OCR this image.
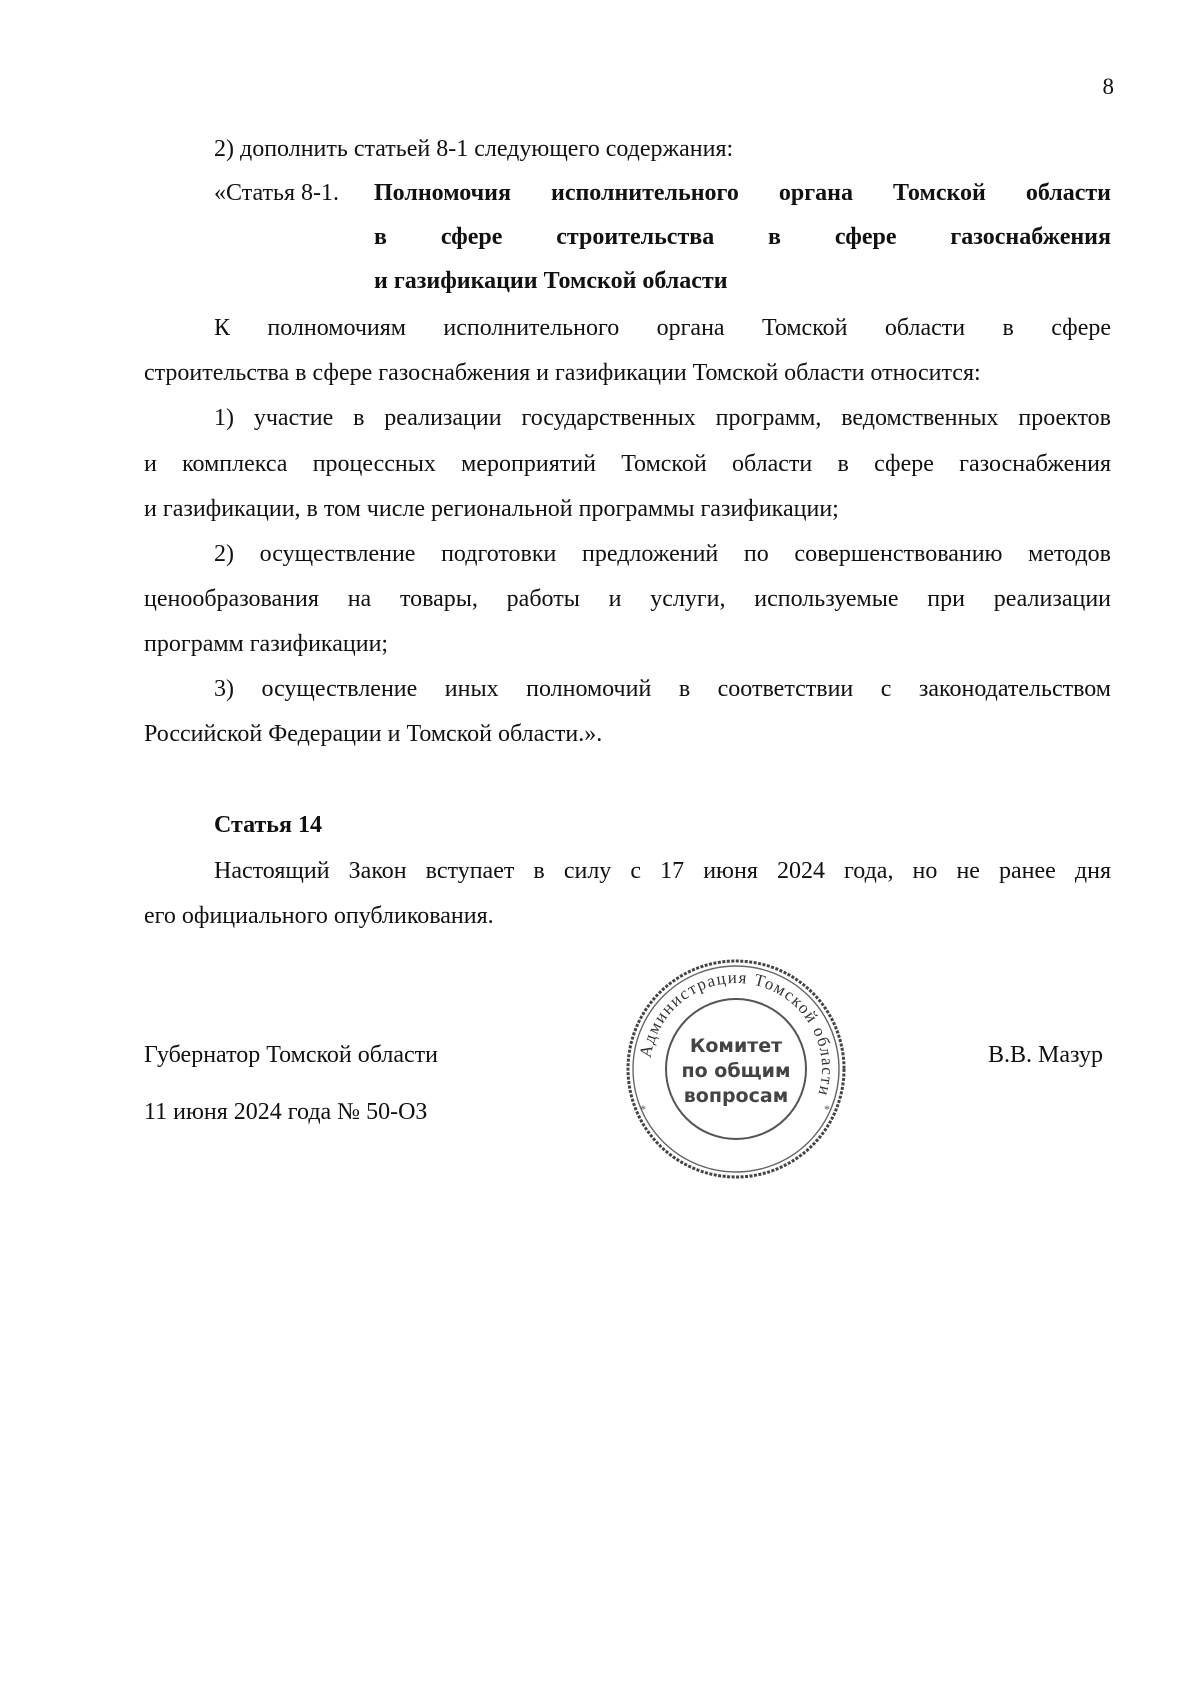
8
2) дополнить статьей 8-1 следующего содержания:
«Статья 8-1. Полномочия исполнительного органа Томской области
в сфере строительства в сфере газоснабжения
и газификации Томской области
К полномочиям исполнительного органа Томской области в сфере
строительства в сфере газоснабжения и газификации Томской области относится:
1) участие в реализации государственных программ, ведомственных проектов
и комплекса процессных мероприятий Томской области в сфере газоснабжения
и газификации, в том числе региональной программы газификации;
2) осуществление подготовки предложений по совершенствованию методов
ценообразования на товары, работы и услуги, используемые при реализации
программ газификации;
3) осуществление иных полномочий в соответствии с законодательством
Российской Федерации и Томской области.».
Статья 14
Настоящий Закон вступает в силу с 17 июня 2024 года, но не ранее дня
его официального опубликования.
Губернатор Томской области	В.В. Мазур
11 июня 2024 года № 50-ОЗ
Администрация Томской области
*	*
Комитет
по общим
вопросам
